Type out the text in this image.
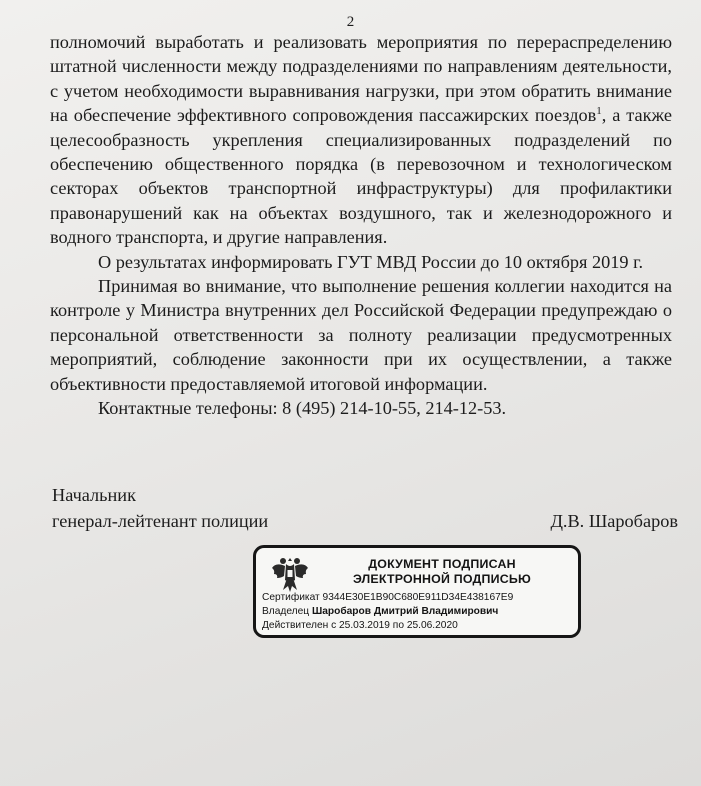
2

полномочий выработать и реализовать мероприятия по перераспределению штатной численности между подразделениями по направлениям деятельности, с учетом необходимости выравнивания нагрузки, при этом обратить внимание на обеспечение эффективного сопровождения пассажирских поездов$^1$, а также целесообразность укрепления специализированных подразделений по обеспечению общественного порядка (в перевозочном и технологическом секторах объектов транспортной инфраструктуры) для профилактики правонарушений как на объектах воздушного, так и железнодорожного и водного транспорта, и другие направления.

О результатах информировать ГУТ МВД России до 10 октября 2019 г.

Принимая во внимание, что выполнение решения коллегии находится на контроле у Министра внутренних дел Российской Федерации предупреждаю о персональной ответственности за полноту реализации предусмотренных мероприятий, соблюдение законности при их осуществлении, а также объективности предоставляемой итоговой информации.

Контактные телефоны: 8 (495) 214-10-55, 214-12-53.

Начальник
генерал-лейтенант полиции	Д.В. Шаробаров
ДОКУМЕНТ ПОДПИСАН
ЭЛЕКТРОННОЙ ПОДПИСЬЮ
Сертификат 9344E30E1B90C680E911D34E438167E9
Владелец Шаробаров Дмитрий Владимирович
Действителен с 25.03.2019 по 25.06.2020
